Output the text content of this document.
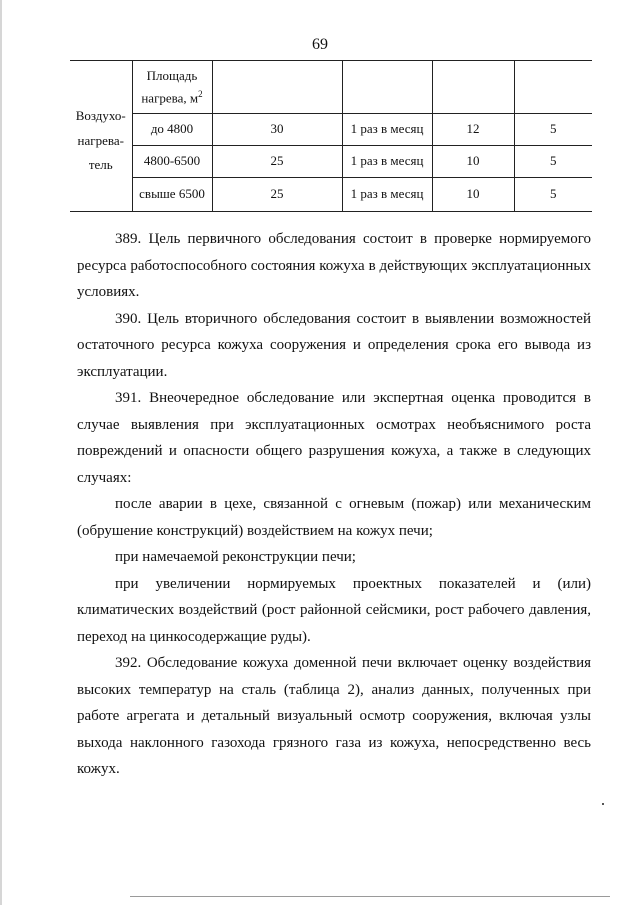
69
Воздухо-
нагрева-
тель	Площадь
нагрева, $м^2$				
	до 4800	30	1 раз в месяц	12	5
	4800-6500	25	1 раз в месяц	10	5
	свыше 6500	25	1 раз в месяц	10	5

389. Цель первичного обследования состоит в проверке нормируемого ресурса работоспособного состояния кожуха в действующих эксплуатационных условиях.

390. Цель вторичного обследования состоит в выявлении возможностей остаточного ресурса кожуха сооружения и определения срока его вывода из эксплуатации.

391. Внеочередное обследование или экспертная оценка проводится в случае выявления при эксплуатационных осмотрах необъяснимого роста повреждений и опасности общего разрушения кожуха, а также в следующих случаях:

после аварии в цехе, связанной с огневым (пожар) или механическим (обрушение конструкций) воздействием на кожух печи;

при намечаемой реконструкции печи;

при увеличении нормируемых проектных показателей и (или) климатических воздействий (рост районной сейсмики, рост рабочего давления, переход на цинкосодержащие руды).

392. Обследование кожуха доменной печи включает оценку воздействия высоких температур на сталь (таблица 2), анализ данных, полученных при работе агрегата и детальный визуальный осмотр сооружения, включая узлы выхода наклонного газохода грязного газа из кожуха, непосредственно весь кожух.
